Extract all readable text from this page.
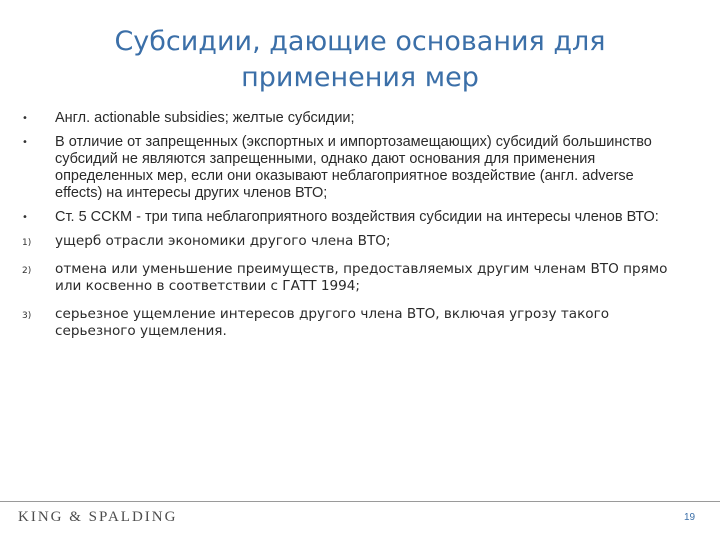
Субсидии, дающие основания для применения мер
•	Англ. actionable subsidies; желтые субсидии;
•	В отличие от запрещенных (экспортных и импортозамещающих) субсидий большинство субсидий не являются запрещенными, однако дают основания для применения определенных мер, если они оказывают неблагоприятное воздействие (англ. adverse effects) на интересы других членов ВТО;
•	Ст. 5 ССКМ - три типа неблагоприятного воздействия субсидии на интересы членов ВТО:
1)	ущерб отрасли экономики другого члена ВТО;
2)	отмена или уменьшение преимуществ, предоставляемых другим членам ВТО прямо или косвенно в соответствии с ГАТТ 1994;
3)	серьезное ущемление интересов другого члена ВТО, включая угрозу такого серьезного ущемления.
KING & SPALDING	19
